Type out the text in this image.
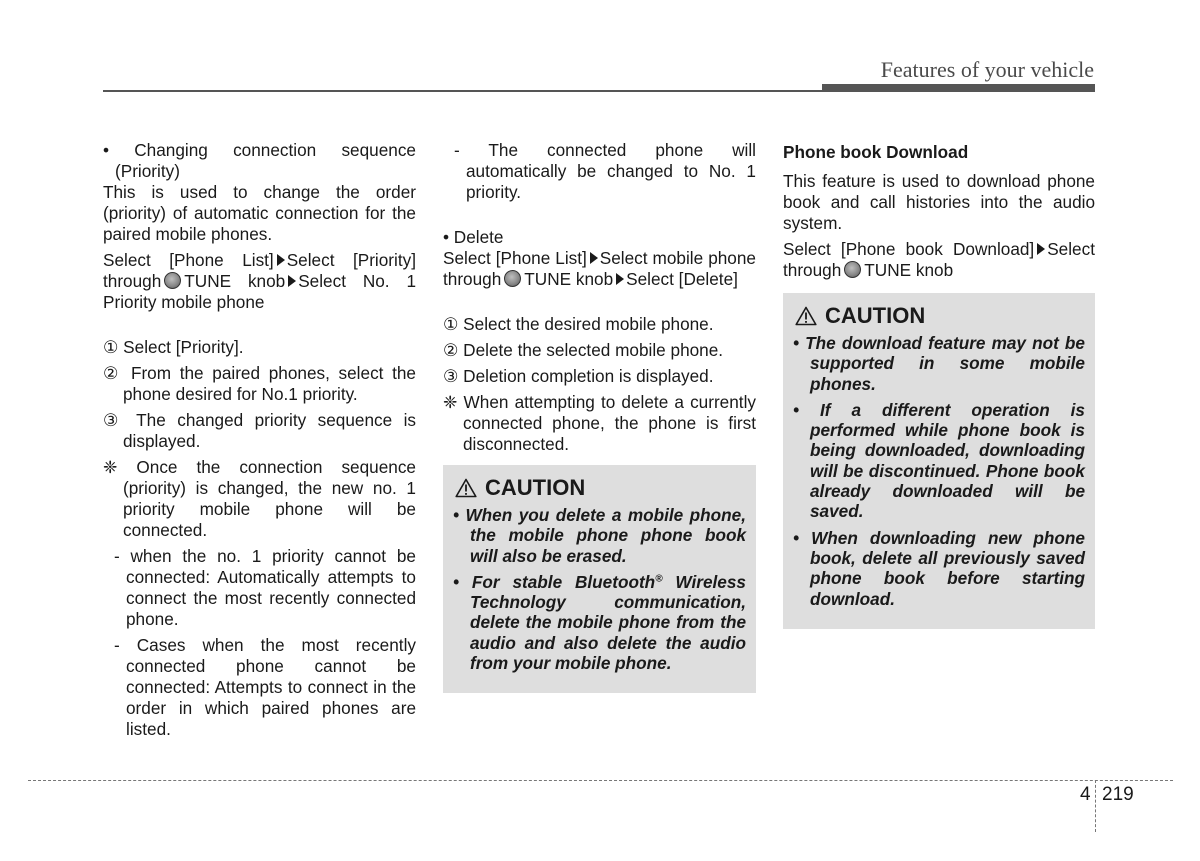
Features of your vehicle

• Changing connection sequence (Priority)

This is used to change the order (priority) of automatic connection for the paired mobile phones.

Select [Phone List] Select [Priority] through TUNE knob Select No. 1 Priority mobile phone

① Select [Priority].

② From the paired phones, select the phone desired for No.1 priority.

③ The changed priority sequence is displayed.

❈ Once the connection sequence (priority) is changed, the new no. 1 priority mobile phone will be connected.

- when the no. 1 priority cannot be connected: Automatically attempts to connect the most recently connected phone.

- Cases when the most recently connected phone cannot be connected: Attempts to connect in the order in which paired phones are listed.

- The connected phone will automatically be changed to No. 1 priority.

• Delete

Select [Phone List] Select mobile phone through TUNE knob Select [Delete]

① Select the desired mobile phone.

② Delete the selected mobile phone.

③ Deletion completion is displayed.

❈ When attempting to delete a currently connected phone, the phone is first disconnected.

CAUTION

• When you delete a mobile phone, the mobile phone phone book will also be erased.

• For stable Bluetooth® Wireless Technology communication, delete the mobile phone from the audio and also delete the audio from your mobile phone.

Phone book Download

This feature is used to download phone book and call histories into the audio system.

Select [Phone book Download] Select through TUNE knob

CAUTION

• The download feature may not be supported in some mobile phones.

• If a different operation is performed while phone book is being downloaded, downloading will be discontinued. Phone book already downloaded will be saved.

• When downloading new phone book, delete all previously saved phone book before starting download.

4 219
